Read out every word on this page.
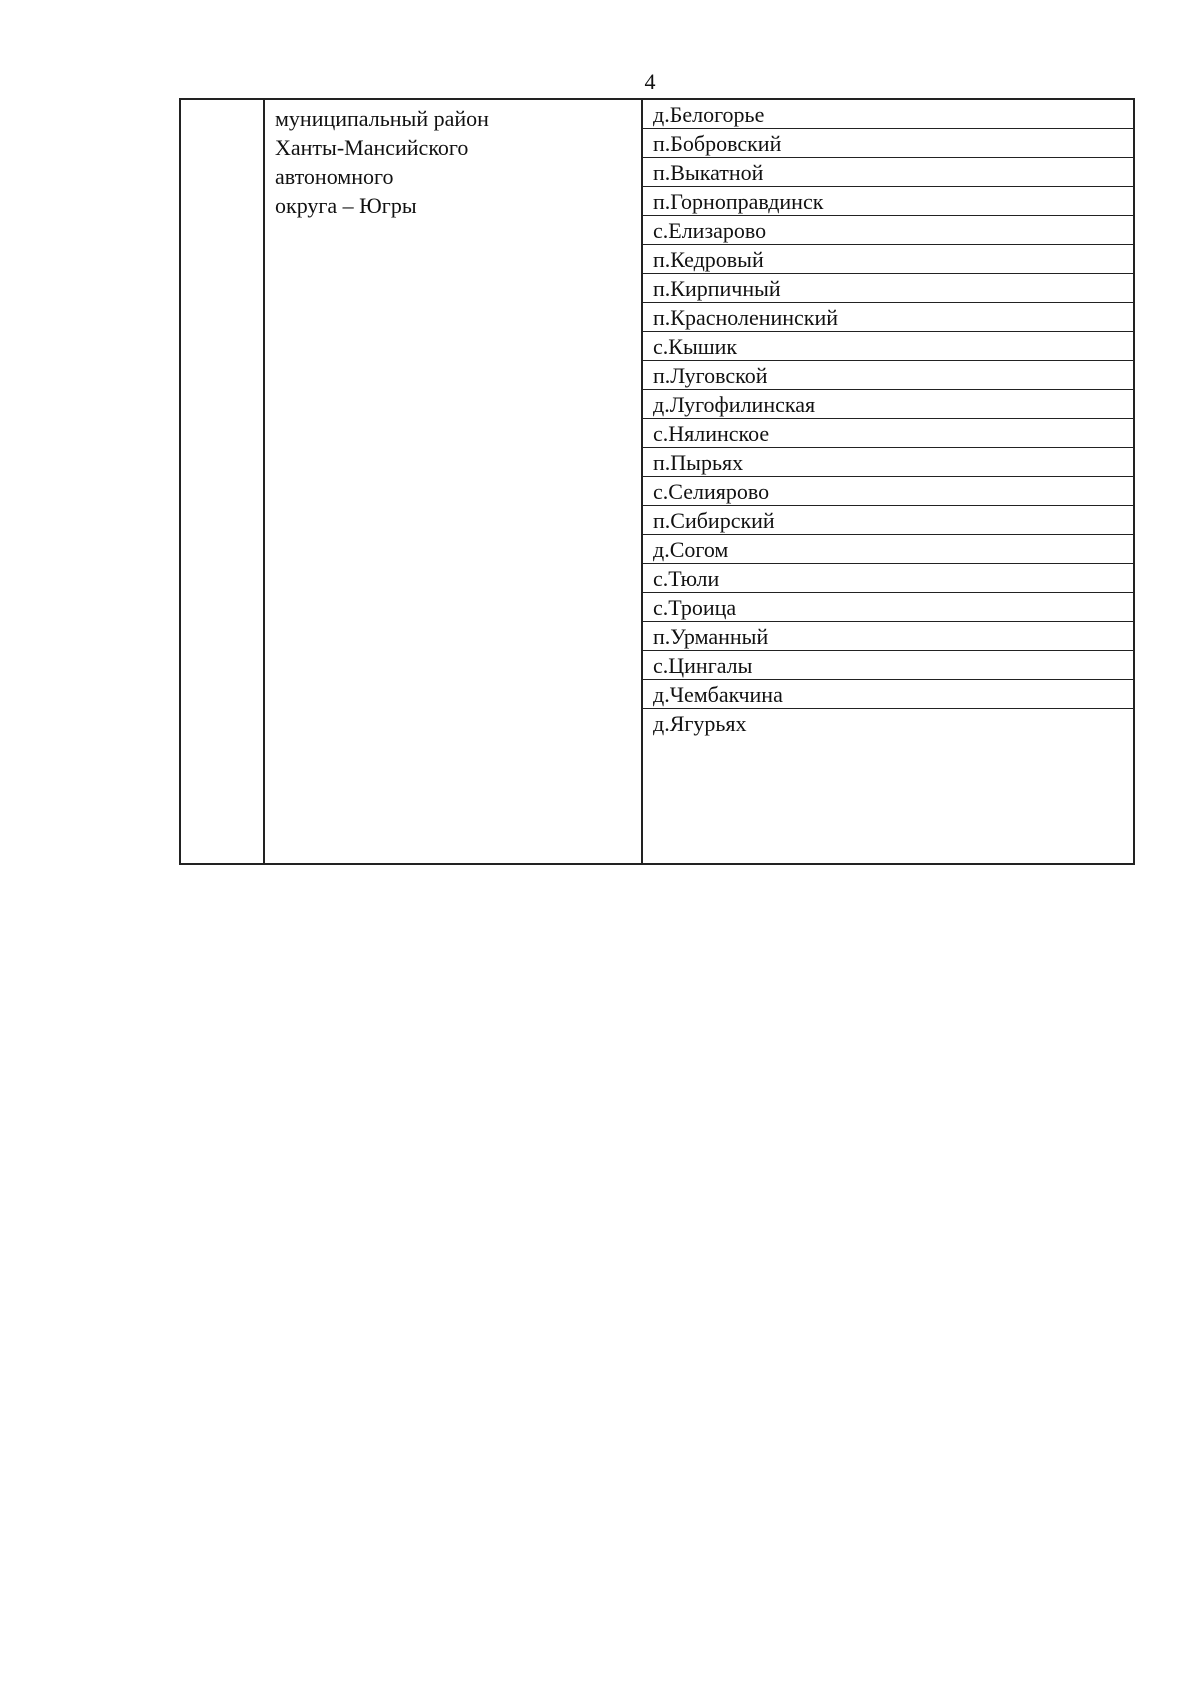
4
муниципальный район
Ханты-Мансийского
автономного
округа – Югры
д.Белогорье
п.Бобровский
п.Выкатной
п.Горноправдинск
с.Елизарово
п.Кедровый
п.Кирпичный
п.Красноленинский
с.Кышик
п.Луговской
д.Лугофилинская
с.Нялинское
п.Пырьях
с.Селиярово
п.Сибирский
д.Согом
с.Тюли
с.Троица
п.Урманный
с.Цингалы
д.Чембакчина
д.Ягурьях
